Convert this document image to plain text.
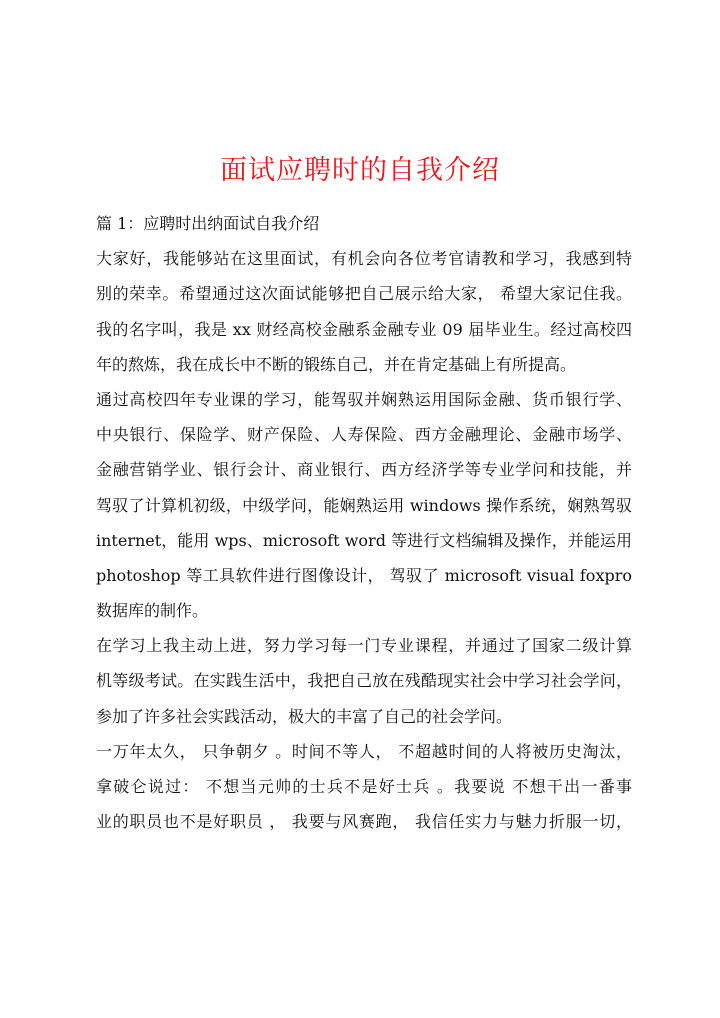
面试应聘时的自我介绍
篇 1：应聘时出纳面试自我介绍
大家好，我能够站在这里面试，有机会向各位考官请教和学习，我感到特
别的荣幸。希望通过这次面试能够把自己展示给大家， 希望大家记住我。
我的名字叫，我是 xx 财经高校金融系金融专业 09 届毕业生。经过高校四
年的熬炼，我在成长中不断的锻练自己，并在肯定基础上有所提高。
通过高校四年专业课的学习，能驾驭并娴熟运用国际金融、货币银行学、
中央银行、保险学、财产保险、人寿保险、西方金融理论、金融市场学、
金融营销学业、银行会计、商业银行、西方经济学等专业学问和技能，并
驾驭了计算机初级，中级学问，能娴熟运用 windows 操作系统，娴熟驾驭
internet，能用 wps、microsoft word 等进行文档编辑及操作，并能运用
photoshop 等工具软件进行图像设计， 驾驭了 microsoft visual foxpro
数据库的制作。
在学习上我主动上进，努力学习每一门专业课程，并通过了国家二级计算
机等级考试。在实践生活中，我把自己放在残酷现实社会中学习社会学问，
参加了许多社会实践活动，极大的丰富了自己的社会学问。
一万年太久， 只争朝夕 。时间不等人， 不超越时间的人将被历史淘汰，
拿破仑说过： 不想当元帅的士兵不是好士兵 。我要说 不想干出一番事
业的职员也不是好职员 ， 我要与风赛跑， 我信任实力与魅力折服一切，
